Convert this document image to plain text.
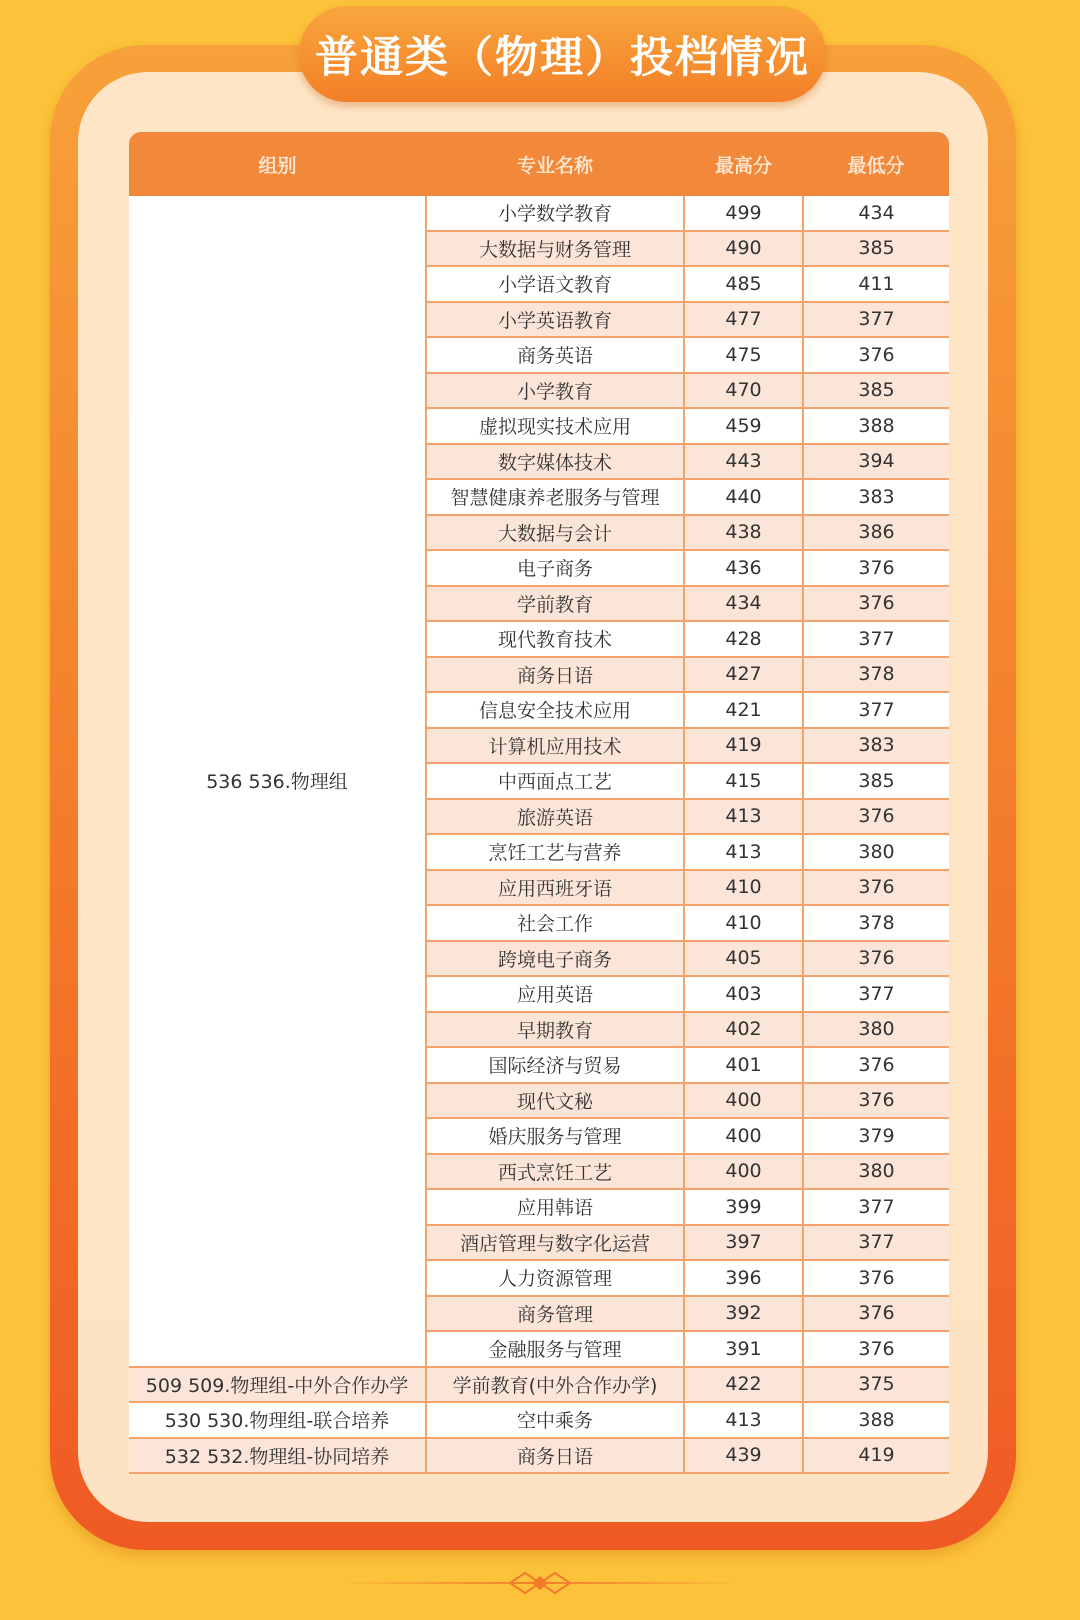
普通类（物理）投档情况
组别	专业名称	最高分	最低分
536 536.物理组	小学数学教育	499	434
	大数据与财务管理	490	385
	小学语文教育	485	411
	小学英语教育	477	377
	商务英语	475	376
	小学教育	470	385
	虚拟现实技术应用	459	388
	数字媒体技术	443	394
	智慧健康养老服务与管理	440	383
	大数据与会计	438	386
	电子商务	436	376
	学前教育	434	376
	现代教育技术	428	377
	商务日语	427	378
	信息安全技术应用	421	377
	计算机应用技术	419	383
	中西面点工艺	415	385
	旅游英语	413	376
	烹饪工艺与营养	413	380
	应用西班牙语	410	376
	社会工作	410	378
	跨境电子商务	405	376
	应用英语	403	377
	早期教育	402	380
	国际经济与贸易	401	376
	现代文秘	400	376
	婚庆服务与管理	400	379
	西式烹饪工艺	400	380
	应用韩语	399	377
	酒店管理与数字化运营	397	377
	人力资源管理	396	376
	商务管理	392	376
	金融服务与管理	391	376
509 509.物理组-中外合作办学	学前教育(中外合作办学)	422	375
530 530.物理组-联合培养	空中乘务	413	388
532 532.物理组-协同培养	商务日语	439	419
